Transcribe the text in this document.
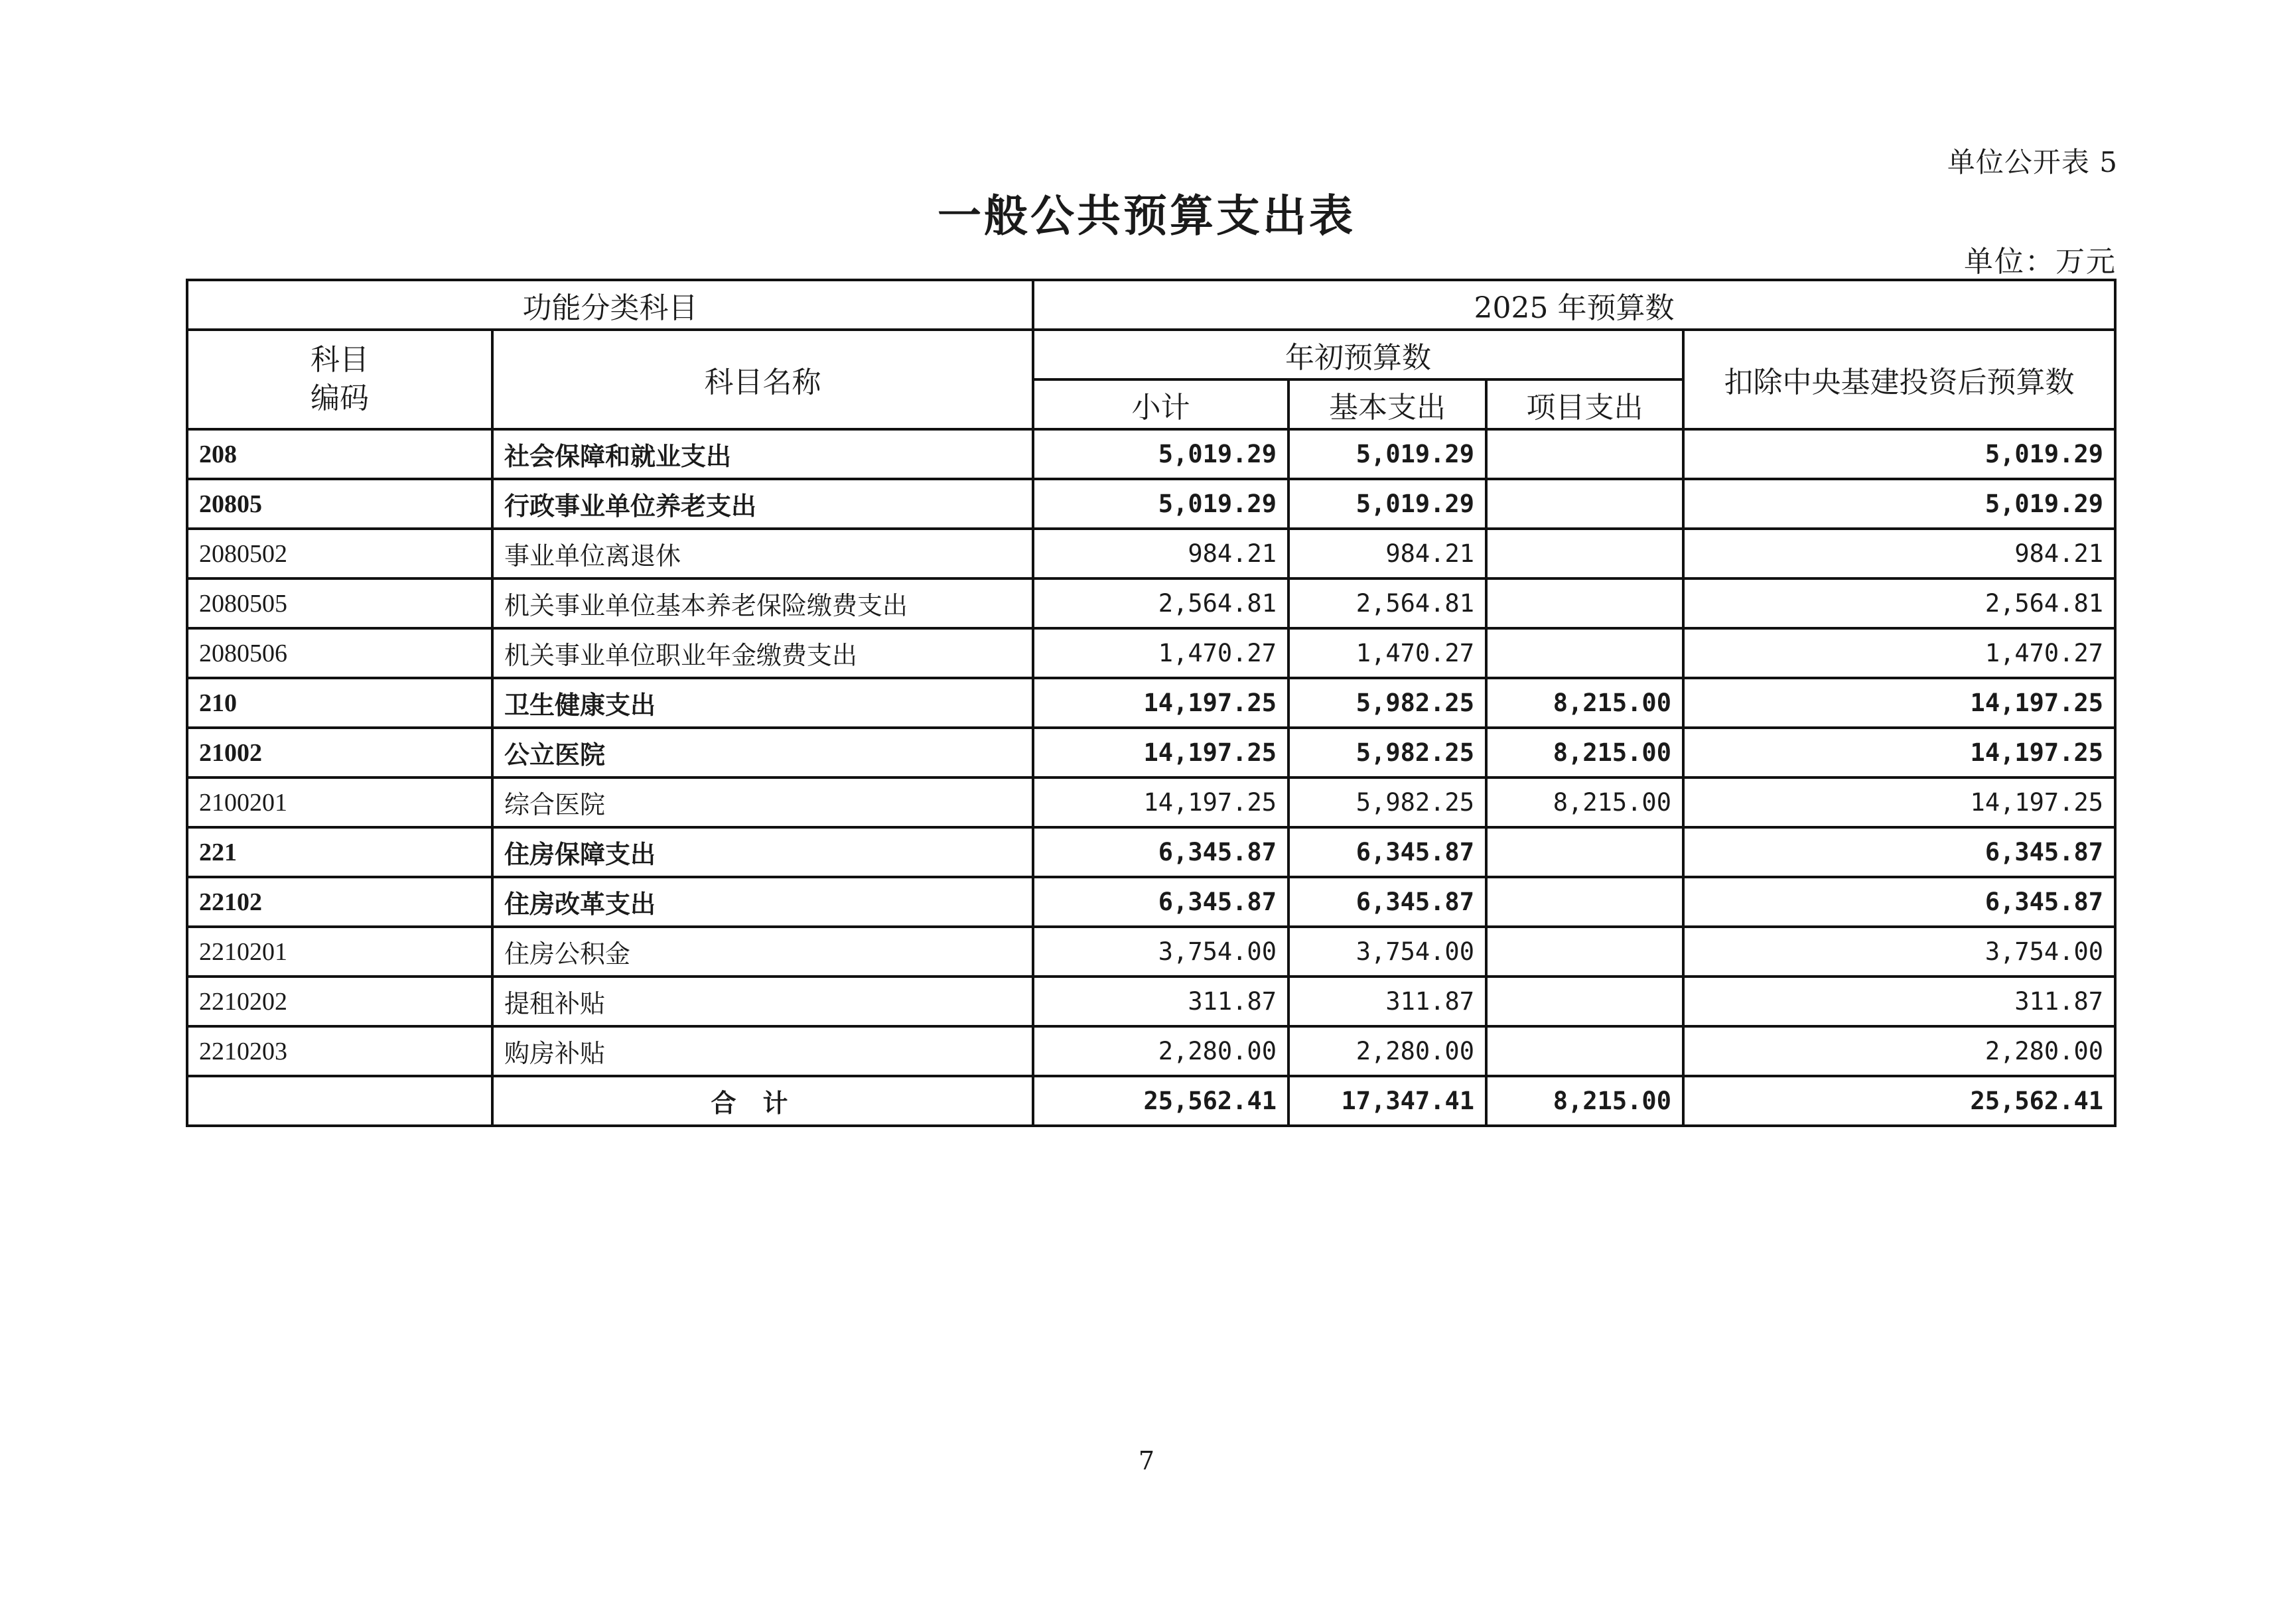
单位公开表 5
一般公共预算支出表
单位：万元
功能分类科目		2025 年预算数			
科目
编码	科目名称	年初预算数			扣除中央基建投资后预算数
		小计	基本支出	项目支出	
208	社会保障和就业支出	5,019.29	5,019.29		5,019.29
20805	行政事业单位养老支出	5,019.29	5,019.29		5,019.29
2080502	事业单位离退休	984.21	984.21		984.21
2080505	机关事业单位基本养老保险缴费支出	2,564.81	2,564.81		2,564.81
2080506	机关事业单位职业年金缴费支出	1,470.27	1,470.27		1,470.27
210	卫生健康支出	14,197.25	5,982.25	8,215.00	14,197.25
21002	公立医院	14,197.25	5,982.25	8,215.00	14,197.25
2100201	综合医院	14,197.25	5,982.25	8,215.00	14,197.25
221	住房保障支出	6,345.87	6,345.87		6,345.87
22102	住房改革支出	6,345.87	6,345.87		6,345.87
2210201	住房公积金	3,754.00	3,754.00		3,754.00
2210202	提租补贴	311.87	311.87		311.87
2210203	购房补贴	2,280.00	2,280.00		2,280.00
	合计	25,562.41	17,347.41	8,215.00	25,562.41
7
